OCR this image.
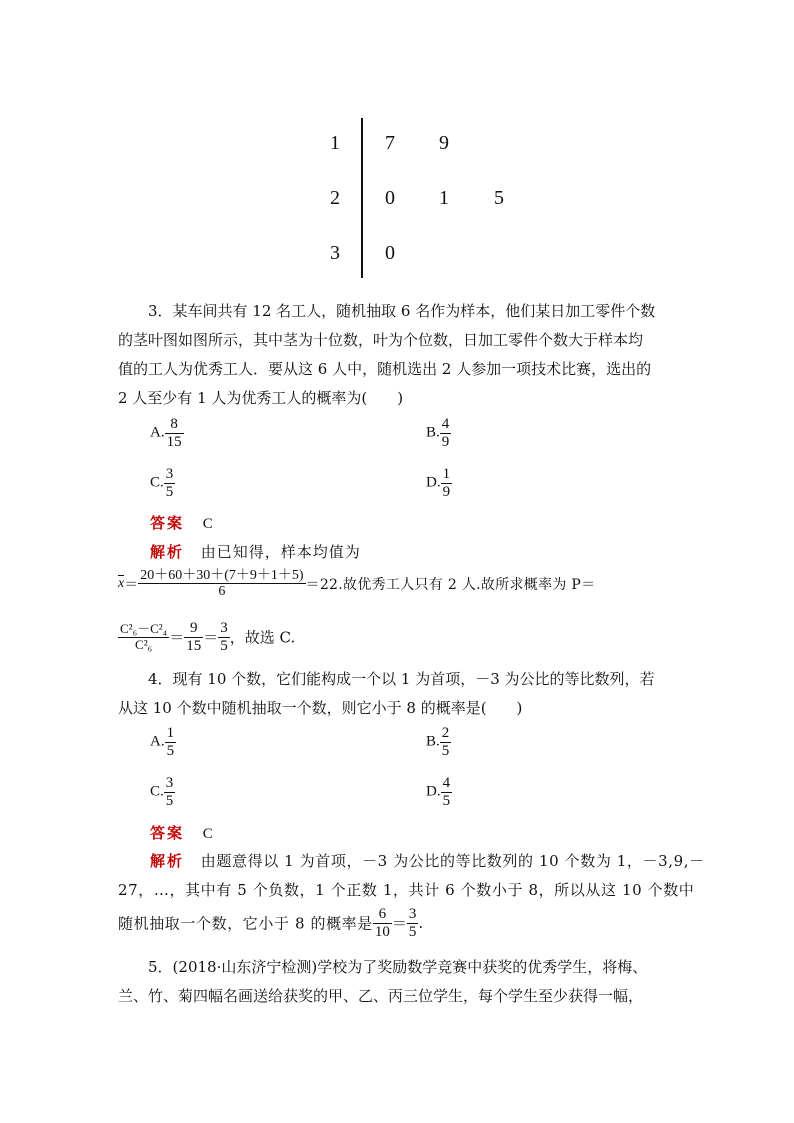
1 7 9
2 0 1 5
3 0
3．某车间共有 12 名工人，随机抽取 6 名作为样本，他们某日加工零件个数
的茎叶图如图所示，其中茎为十位数，叶为个位数，日加工零件个数大于样本均
值的工人为优秀工人．要从这 6 人中，随机选出 2 人参加一项技术比赛，选出的
2 人至少有 1 人为优秀工人的概率为(　　)
A. $\frac{8}{15}$	B. $\frac{4}{9}$
C. $\frac{3}{5}$	D. $\frac{1}{9}$
答案 C
解析 由已知得，样本均值为
$x= \frac{20+60+30+(7+9+1+5)}{6} =22$.故优秀工人只有 2 人.故所求概率为 P＝
$\frac{\text{C²₆－C²₄}}{\text{C²₆}} = \frac{9}{15} = \frac{3}{5}$ ，故选 C.
4．现有 10 个数，它们能构成一个以 1 为首项，－3 为公比的等比数列，若
从这 10 个数中随机抽取一个数，则它小于 8 的概率是(　　)
A. $\frac{1}{5}$	B. $\frac{2}{5}$
C. $\frac{3}{5}$	D. $\frac{4}{5}$
答案 C
解析 由题意得以 1 为首项，－3 为公比的等比数列的 10 个数为 1，－3,9,－
27，…，其中有 5 个负数，1 个正数 1，共计 6 个数小于 8，所以从这 10 个数中
随机抽取一个数，它小于 8 的概率是 $\frac{6}{10} = \frac{3}{5}$ .
5．(2018·山东济宁检测)学校为了奖励数学竞赛中获奖的优秀学生，将梅、
兰、竹、菊四幅名画送给获奖的甲、乙、丙三位学生，每个学生至少获得一幅，
